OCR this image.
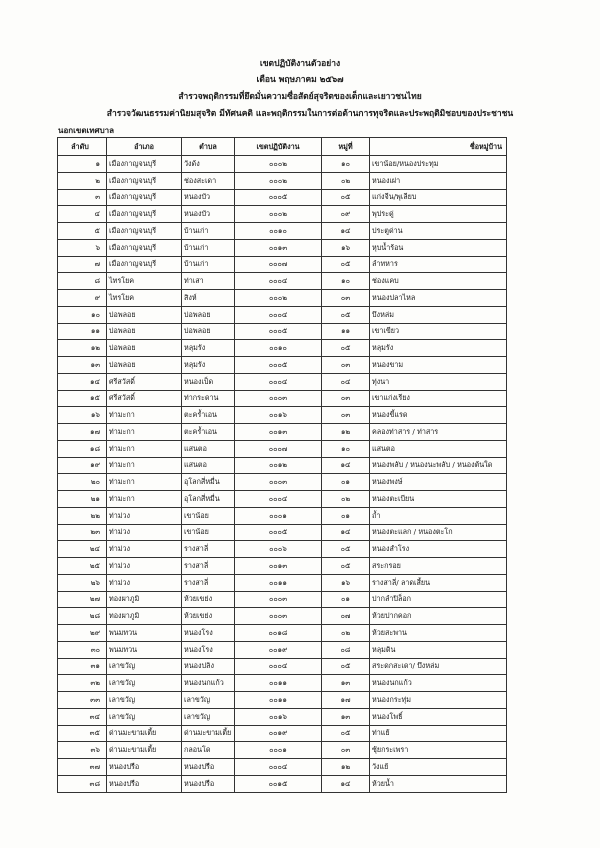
เขตปฏิบัติงานตัวอย่าง
เดือน พฤษภาคม ๒๕๖๗
สำรวจพฤติกรรมที่ยึดมั่นความซื่อสัตย์สุจริตของเด็กและเยาวชนไทย
สำรวจวัฒนธรรมค่านิยมสุจริต มีทัศนคติ และพฤติกรรมในการต่อต้านการทุจริตและประพฤติมิชอบของประชาชน
นอกเขตเทศบาล
ลำดับ	อำเภอ	ตำบล	เขตปฏิบัติงาน	หมู่ที่	ชื่อหมู่บ้าน
๑	เมืองกาญจนบุรี	วังด้ง	๐๐๐๒	๑๐	เขาน้อย/หนองประทุม
๒	เมืองกาญจนบุรี	ช่องสะเดา	๐๐๐๒	๐๒	หนองเผ่า
๓	เมืองกาญจนบุรี	หนองบัว	๐๐๐๕	๐๕	แก่งจีน/พุเลียบ
๔	เมืองกาญจนบุรี	หนองบัว	๐๐๐๒	๐๙	พุประดู่
๕	เมืองกาญจนบุรี	บ้านเก่า	๐๐๑๐	๑๔	ประตูด่าน
๖	เมืองกาญจนบุรี	บ้านเก่า	๐๐๑๓	๑๖	หุบน้ำร้อน
๗	เมืองกาญจนบุรี	บ้านเก่า	๐๐๐๗	๐๕	ลำทหาร
๘	ไทรโยค	ท่าเสา	๐๐๐๔	๑๐	ช่องแคบ
๙	ไทรโยค	สิงห์	๐๐๐๒	๐๓	หนองปลาไหล
๑๐	บ่อพลอย	บ่อพลอย	๐๐๐๔	๐๕	บึงหล่ม
๑๑	บ่อพลอย	บ่อพลอย	๐๐๐๕	๑๑	เขาเขียว
๑๒	บ่อพลอย	หลุมรัง	๐๐๑๐	๐๕	หลุมรัง
๑๓	บ่อพลอย	หลุมรัง	๐๐๐๕	๐๓	หนองขาม
๑๔	ศรีสวัสดิ์	หนองเป็ด	๐๐๐๔	๐๔	ทุ่งนา
๑๕	ศรีสวัสดิ์	ท่ากระดาน	๐๐๐๓	๐๓	เขาแก่งเรียง
๑๖	ท่ามะกา	ตะคร้ำเอน	๐๐๑๖	๐๓	หนองขี้แรด
๑๗	ท่ามะกา	ตะคร้ำเอน	๐๐๑๓	๑๒	คลองท่าสาร / ท่าสาร
๑๘	ท่ามะกา	แสนตอ	๐๐๐๗	๑๐	แสนตอ
๑๙	ท่ามะกา	แสนตอ	๐๐๑๒	๑๔	หนองพลับ / หนองนะพลับ / หนองต้นใด
๒๐	ท่ามะกา	อุโลกสี่หมื่น	๐๐๐๓	๐๑	หนองพงษ์
๒๑	ท่ามะกา	อุโลกสี่หมื่น	๐๐๐๔	๐๒	หนองตะเบียน
๒๒	ท่าม่วง	เขาน้อย	๐๐๐๑	๐๑	ถ้ำ
๒๓	ท่าม่วง	เขาน้อย	๐๐๐๕	๑๔	หนองตะแลก / หนองตะโก
๒๔	ท่าม่วง	รางสาลี่	๐๐๐๖	๐๕	หนองสำโรง
๒๕	ท่าม่วง	รางสาลี่	๐๐๑๓	๐๕	สระกรอย
๒๖	ท่าม่วง	รางสาลี่	๐๐๑๑	๑๖	รางสาลี่/ ลาดเสี้ยน
๒๗	ทองผาภูมิ	ห้วยเขย่ง	๐๐๐๓	๐๑	ปากลำปิล็อก
๒๘	ทองผาภูมิ	ห้วยเขย่ง	๐๐๐๓	๐๗	ห้วยปากคอก
๒๙	พนมทวน	หนองโรง	๐๐๑๘	๐๒	ห้วยสะพาน
๓๐	พนมทวน	หนองโรง	๐๐๑๙	๐๘	หลุมดิน
๓๑	เลาขวัญ	หนองปลิง	๐๐๐๔	๐๕	สระดกสะเดา/ บึงหล่ม
๓๒	เลาขวัญ	หนองนกแก้ว	๐๐๑๑	๑๓	หนองนกแก้ว
๓๓	เลาขวัญ	เลาขวัญ	๐๐๑๑	๑๗	หนองกระทุ่ม
๓๔	เลาขวัญ	เลาขวัญ	๐๐๑๖	๑๓	หนองโพธิ์
๓๕	ด่านมะขามเตี้ย	ด่านมะขามเตี้ย	๐๐๑๙	๐๕	ท่าแย้
๓๖	ด่านมะขามเตี้ย	กลอนโด	๐๐๐๑	๐๓	ซุ้ยกระเพรา
๓๗	หนองปรือ	หนองปรือ	๐๐๐๔	๑๒	วังแย้
๓๘	หนองปรือ	หนองปรือ	๐๐๑๕	๑๔	ห้วยน้ำ
